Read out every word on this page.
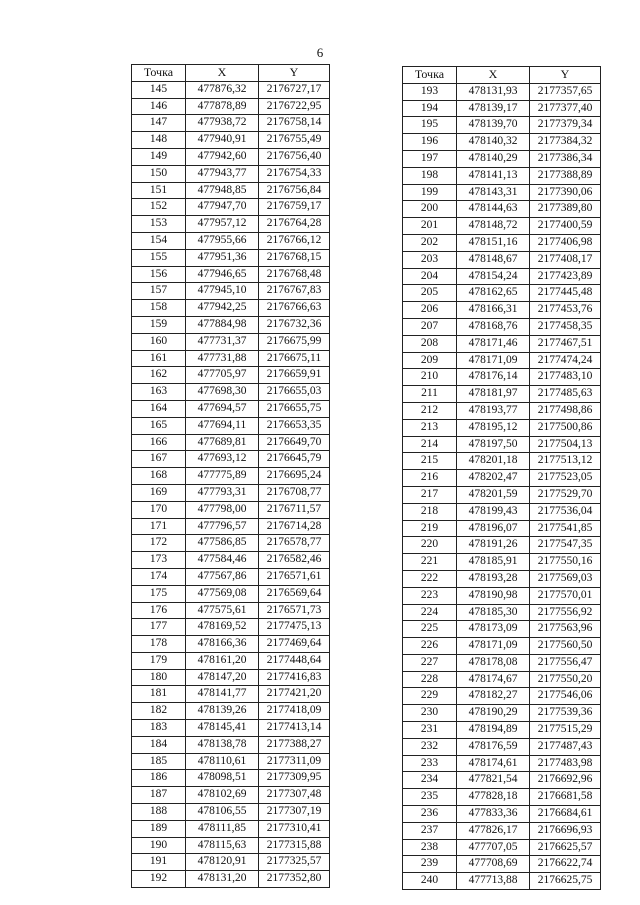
6
Точка	X	Y
145	477876,32	2176727,17
146	477878,89	2176722,95
147	477938,72	2176758,14
148	477940,91	2176755,49
149	477942,60	2176756,40
150	477943,77	2176754,33
151	477948,85	2176756,84
152	477947,70	2176759,17
153	477957,12	2176764,28
154	477955,66	2176766,12
155	477951,36	2176768,15
156	477946,65	2176768,48
157	477945,10	2176767,83
158	477942,25	2176766,63
159	477884,98	2176732,36
160	477731,37	2176675,99
161	477731,88	2176675,11
162	477705,97	2176659,91
163	477698,30	2176655,03
164	477694,57	2176655,75
165	477694,11	2176653,35
166	477689,81	2176649,70
167	477693,12	2176645,79
168	477775,89	2176695,24
169	477793,31	2176708,77
170	477798,00	2176711,57
171	477796,57	2176714,28
172	477586,85	2176578,77
173	477584,46	2176582,46
174	477567,86	2176571,61
175	477569,08	2176569,64
176	477575,61	2176571,73
177	478169,52	2177475,13
178	478166,36	2177469,64
179	478161,20	2177448,64
180	478147,20	2177416,83
181	478141,77	2177421,20
182	478139,26	2177418,09
183	478145,41	2177413,14
184	478138,78	2177388,27
185	478110,61	2177311,09
186	478098,51	2177309,95
187	478102,69	2177307,48
188	478106,55	2177307,19
189	478111,85	2177310,41
190	478115,63	2177315,88
191	478120,91	2177325,57
192	478131,20	2177352,80
Точка	X	Y
193	478131,93	2177357,65
194	478139,17	2177377,40
195	478139,70	2177379,34
196	478140,32	2177384,32
197	478140,29	2177386,34
198	478141,13	2177388,89
199	478143,31	2177390,06
200	478144,63	2177389,80
201	478148,72	2177400,59
202	478151,16	2177406,98
203	478148,67	2177408,17
204	478154,24	2177423,89
205	478162,65	2177445,48
206	478166,31	2177453,76
207	478168,76	2177458,35
208	478171,46	2177467,51
209	478171,09	2177474,24
210	478176,14	2177483,10
211	478181,97	2177485,63
212	478193,77	2177498,86
213	478195,12	2177500,86
214	478197,50	2177504,13
215	478201,18	2177513,12
216	478202,47	2177523,05
217	478201,59	2177529,70
218	478199,43	2177536,04
219	478196,07	2177541,85
220	478191,26	2177547,35
221	478185,91	2177550,16
222	478193,28	2177569,03
223	478190,98	2177570,01
224	478185,30	2177556,92
225	478173,09	2177563,96
226	478171,09	2177560,50
227	478178,08	2177556,47
228	478174,67	2177550,20
229	478182,27	2177546,06
230	478190,29	2177539,36
231	478194,89	2177515,29
232	478176,59	2177487,43
233	478174,61	2177483,98
234	477821,54	2176692,96
235	477828,18	2176681,58
236	477833,36	2176684,61
237	477826,17	2176696,93
238	477707,05	2176625,57
239	477708,69	2176622,74
240	477713,88	2176625,75
